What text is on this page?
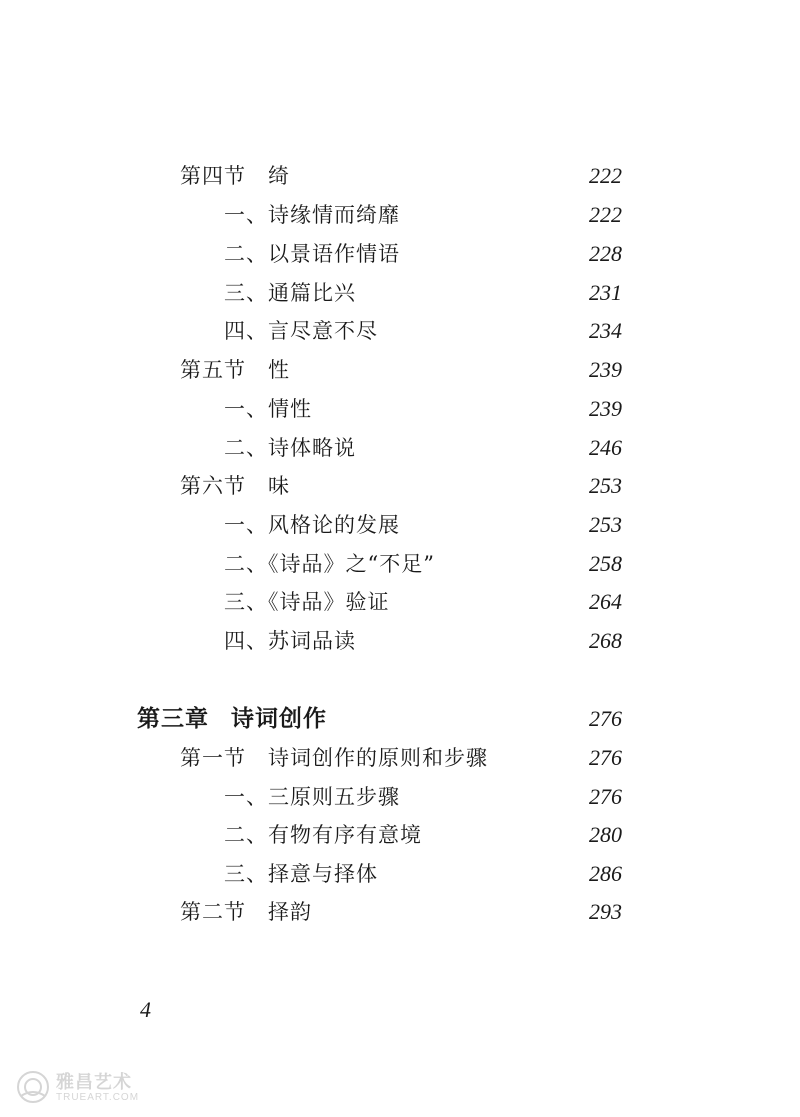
第四节 绮	222
一、诗缘情而绮靡	222
二、以景语作情语	228
三、通篇比兴	231
四、言尽意不尽	234
第五节 性	239
一、情性	239
二、诗体略说	246
第六节 味	253
一、风格论的发展	253
二、《诗品》之“不足”	258
三、《诗品》验证	264
四、苏词品读	268
第三章 诗词创作	276
第一节 诗词创作的原则和步骤	276
一、三原则五步骤	276
二、有物有序有意境	280
三、择意与择体	286
第二节 择韵	293
4
雅昌艺术
TRUEART.COM
